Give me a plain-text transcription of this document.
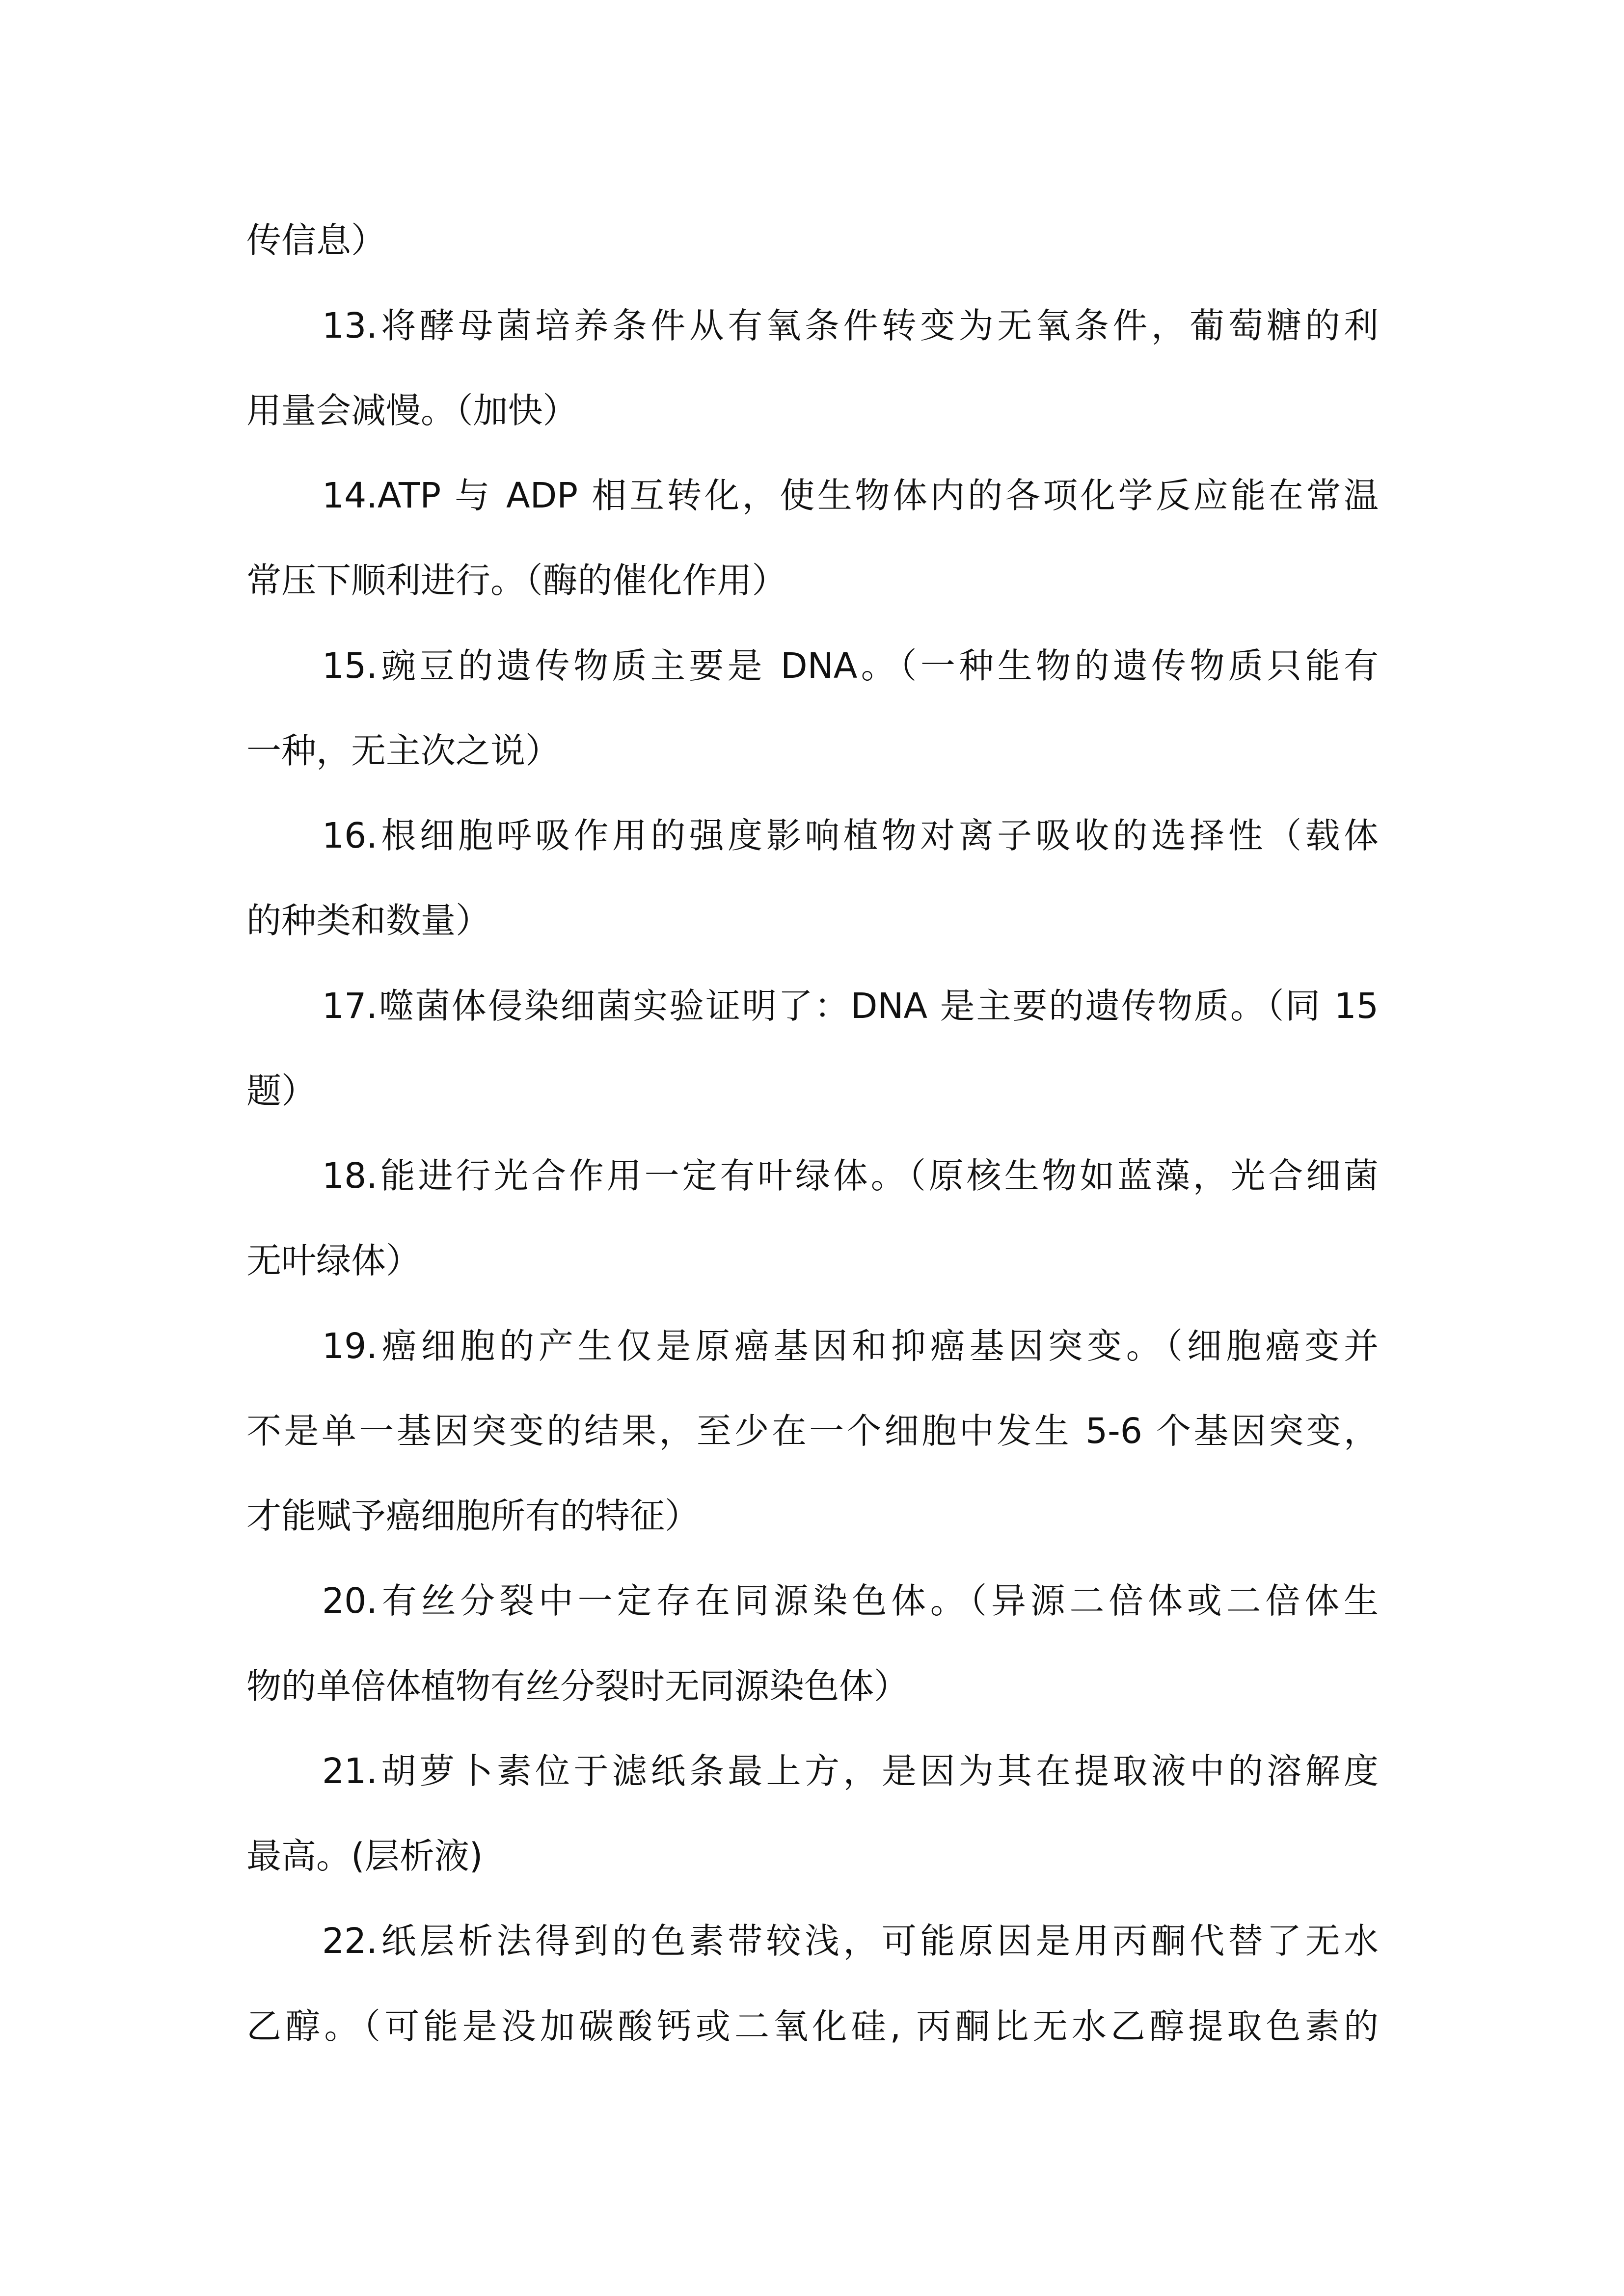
传信息）
13.将酵母菌培养条件从有氧条件转变为无氧条件，葡萄糖的利
用量会减慢。（加快）
14.ATP 与 ADP 相互转化，使生物体内的各项化学反应能在常温
常压下顺利进行。（酶的催化作用）
15.豌豆的遗传物质主要是 DNA。（一种生物的遗传物质只能有
一种，无主次之说）
16.根细胞呼吸作用的强度影响植物对离子吸收的选择性（载体
的种类和数量）
17.噬菌体侵染细菌实验证明了：DNA 是主要的遗传物质。（同 15
题）
18.能进行光合作用一定有叶绿体。（原核生物如蓝藻，光合细菌
无叶绿体）
19.癌细胞的产生仅是原癌基因和抑癌基因突变。（细胞癌变并
不是单一基因突变的结果，至少在一个细胞中发生 5-6 个基因突变，
才能赋予癌细胞所有的特征）
20.有丝分裂中一定存在同源染色体。（异源二倍体或二倍体生
物的单倍体植物有丝分裂时无同源染色体）
21.胡萝卜素位于滤纸条最上方，是因为其在提取液中的溶解度
最高。(层析液)
22.纸层析法得到的色素带较浅，可能原因是用丙酮代替了无水
乙醇。（可能是没加碳酸钙或二氧化硅, 丙酮比无水乙醇提取色素的
